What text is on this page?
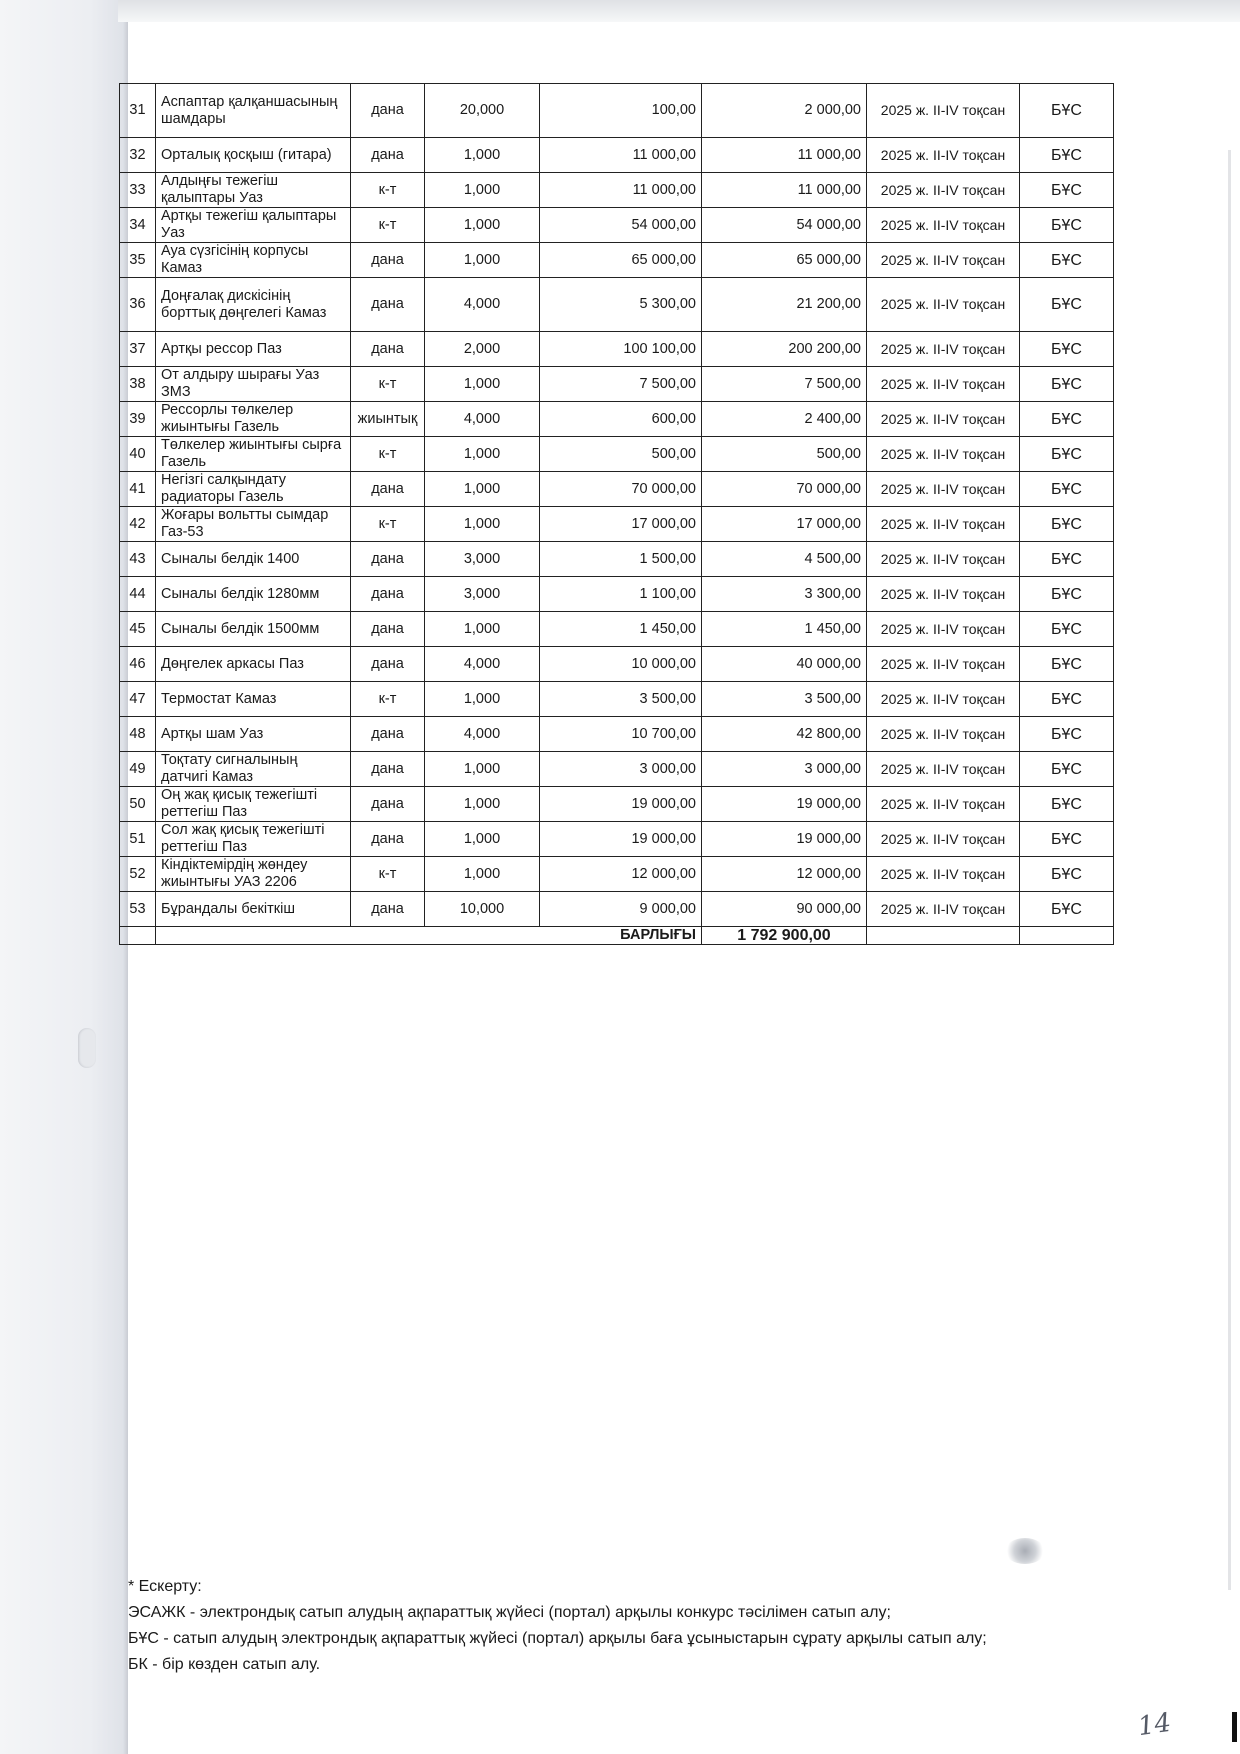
31	Аспаптар қалқаншасының шамдары	дана	20,000	100,00	2 000,00	2025 ж. II-IV тоқсан	БҰС
32	Орталық қосқыш (гитара)	дана	1,000	11 000,00	11 000,00	2025 ж. II-IV тоқсан	БҰС
33	Алдыңғы тежегіш қалыптары Уаз	к-т	1,000	11 000,00	11 000,00	2025 ж. II-IV тоқсан	БҰС
34	Артқы тежегіш қалыптары Уаз	к-т	1,000	54 000,00	54 000,00	2025 ж. II-IV тоқсан	БҰС
35	Ауа сүзгісінің корпусы Камаз	дана	1,000	65 000,00	65 000,00	2025 ж. II-IV тоқсан	БҰС
36	Доңғалақ дискісінің борттық дөңгелегі Камаз	дана	4,000	5 300,00	21 200,00	2025 ж. II-IV тоқсан	БҰС
37	Артқы рессор Паз	дана	2,000	100 100,00	200 200,00	2025 ж. II-IV тоқсан	БҰС
38	От алдыру шырағы Уаз ЗМЗ	к-т	1,000	7 500,00	7 500,00	2025 ж. II-IV тоқсан	БҰС
39	Рессорлы төлкелер жиынтығы Газель	жиынтық	4,000	600,00	2 400,00	2025 ж. II-IV тоқсан	БҰС
40	Төлкелер жиынтығы сырға Газель	к-т	1,000	500,00	500,00	2025 ж. II-IV тоқсан	БҰС
41	Негізгі салқындату радиаторы Газель	дана	1,000	70 000,00	70 000,00	2025 ж. II-IV тоқсан	БҰС
42	Жоғары вольтты сымдар Газ-53	к-т	1,000	17 000,00	17 000,00	2025 ж. II-IV тоқсан	БҰС
43	Сыналы белдік 1400	дана	3,000	1 500,00	4 500,00	2025 ж. II-IV тоқсан	БҰС
44	Сыналы белдік 1280мм	дана	3,000	1 100,00	3 300,00	2025 ж. II-IV тоқсан	БҰС
45	Сыналы белдік 1500мм	дана	1,000	1 450,00	1 450,00	2025 ж. II-IV тоқсан	БҰС
46	Дөңгелек аркасы Паз	дана	4,000	10 000,00	40 000,00	2025 ж. II-IV тоқсан	БҰС
47	Термостат Камаз	к-т	1,000	3 500,00	3 500,00	2025 ж. II-IV тоқсан	БҰС
48	Артқы шам Уаз	дана	4,000	10 700,00	42 800,00	2025 ж. II-IV тоқсан	БҰС
49	Тоқтату сигналының датчигі Камаз	дана	1,000	3 000,00	3 000,00	2025 ж. II-IV тоқсан	БҰС
50	Оң жақ қисық тежегішті реттегіш Паз	дана	1,000	19 000,00	19 000,00	2025 ж. II-IV тоқсан	БҰС
51	Сол жақ қисық тежегішті реттегіш Паз	дана	1,000	19 000,00	19 000,00	2025 ж. II-IV тоқсан	БҰС
52	Кіндіктемірдің жөндеу жиынтығы УАЗ 2206	к-т	1,000	12 000,00	12 000,00	2025 ж. II-IV тоқсан	БҰС
53	Бұрандалы бекіткіш	дана	10,000	9 000,00	90 000,00	2025 ж. II-IV тоқсан	БҰС
	БАРЛЫҒЫ				1 792 900,00		
* Ескерту:
ЭСАЖК - электрондық сатып алудың ақпараттық жүйесі (портал) арқылы конкурс тәсілімен сатып алу;
БҰС - сатып алудың электрондық ақпараттық жүйесі (портал) арқылы баға ұсыныстарын сұрату арқылы сатып алу;
БК - бір көзден сатып алу.
14
